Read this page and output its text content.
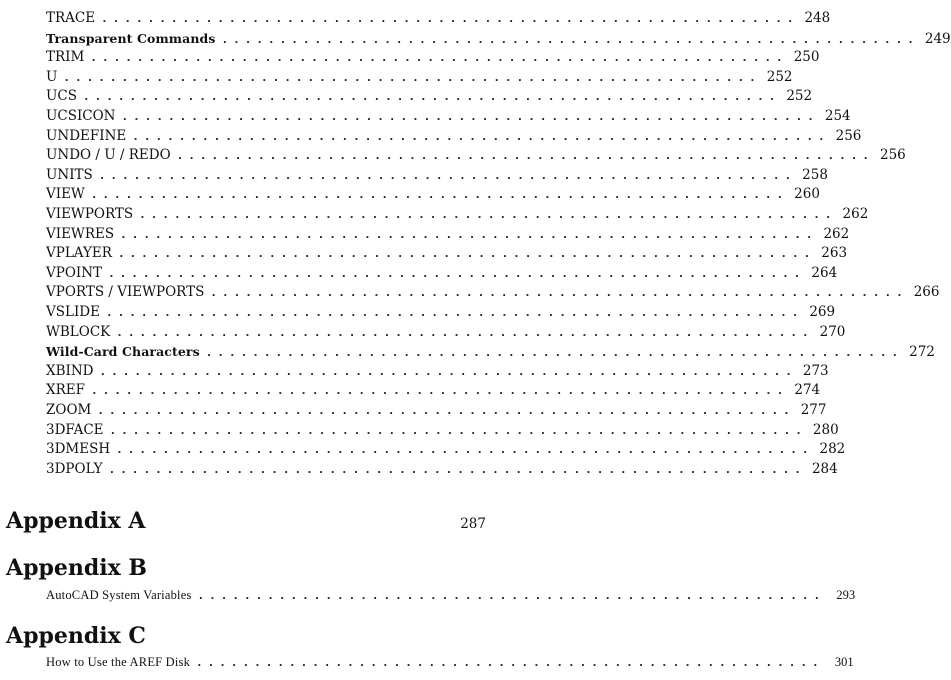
TRACE ............................................................ 248
Transparent Commands ............................................................ 249
TRIM ............................................................ 250
U ............................................................ 252
UCS ............................................................ 252
UCSICON ............................................................ 254
UNDEFINE ............................................................ 256
UNDO / U / REDO ............................................................ 256
UNITS ............................................................ 258
VIEW ............................................................ 260
VIEWPORTS ............................................................ 262
VIEWRES ............................................................ 262
VPLAYER ............................................................ 263
VPOINT ............................................................ 264
VPORTS / VIEWPORTS ............................................................ 266
VSLIDE ............................................................ 269
WBLOCK ............................................................ 270
Wild-Card Characters ............................................................ 272
XBIND ............................................................ 273
XREF ............................................................ 274
ZOOM ............................................................ 277
3DFACE ............................................................ 280
3DMESH ............................................................ 282
3DPOLY ............................................................ 284
Appendix A	287
Appendix B
AutoCAD System Variables ...................................................... 293
Appendix C
How to Use the AREF Disk ...................................................... 301
